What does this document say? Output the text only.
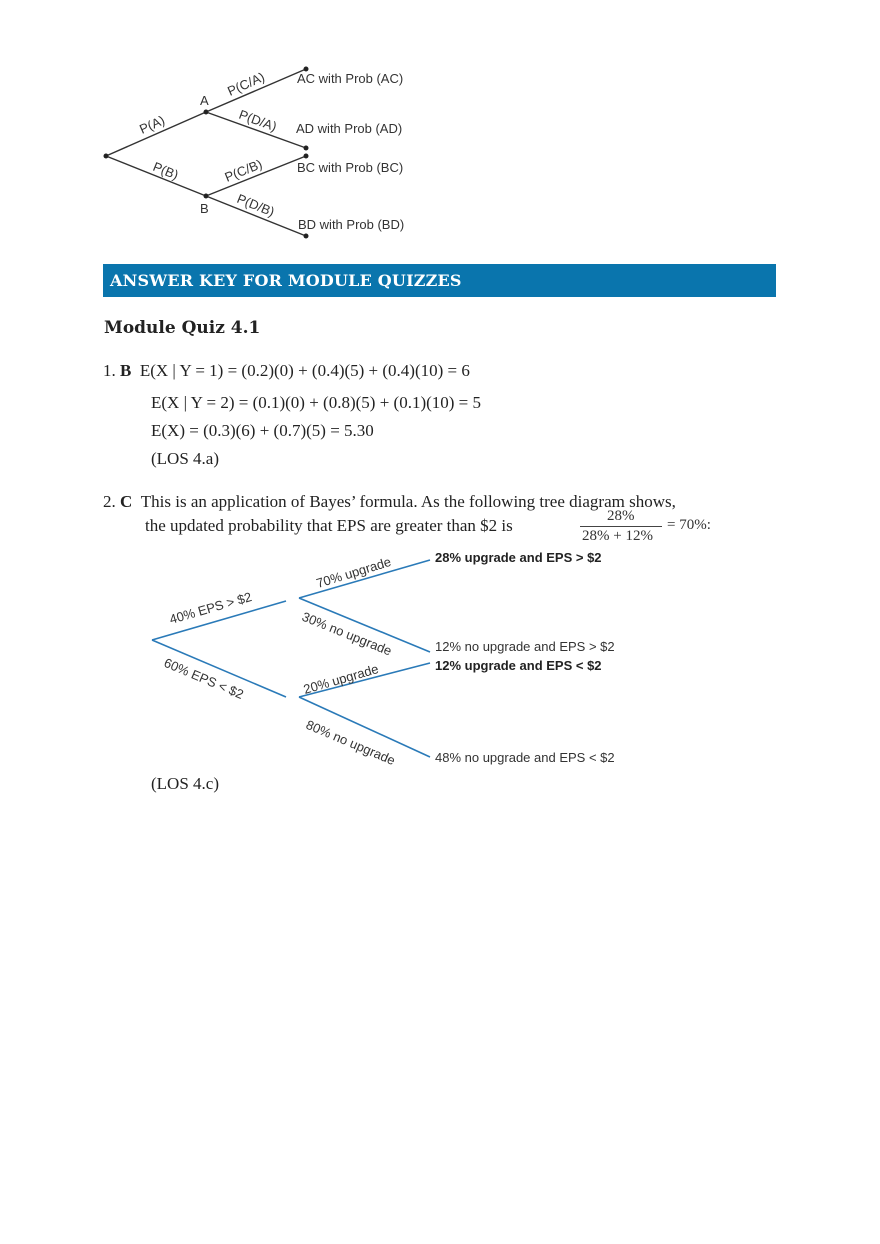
A
B
P(A)
P(B)
P(C/A)
P(D/A)
P(C/B)
P(D/B)
AC with Prob (AC)
AD with Prob (AD)
BC with Prob (BC)
BD with Prob (BD)
ANSWER KEY FOR MODULE QUIZZES
Module Quiz 4.1
1. B E(X | Y = 1) = (0.2)(0) + (0.4)(5) + (0.4)(10) = 6
E(X | Y = 2) = (0.1)(0) + (0.8)(5) + (0.1)(10) = 5
E(X) = (0.3)(6) + (0.7)(5) = 5.30
(LOS 4.a)
2. C This is an application of Bayes’ formula. As the following tree diagram shows,
the updated probability that EPS are greater than $2 is	28%
28% + 12%
= 70%:
40% EPS > $2
60% EPS < $2
70% upgrade
30% no upgrade
20% upgrade
80% no upgrade
28% upgrade and EPS > $2
12% no upgrade and EPS > $2
12% upgrade and EPS < $2
48% no upgrade and EPS < $2
(LOS 4.c)
